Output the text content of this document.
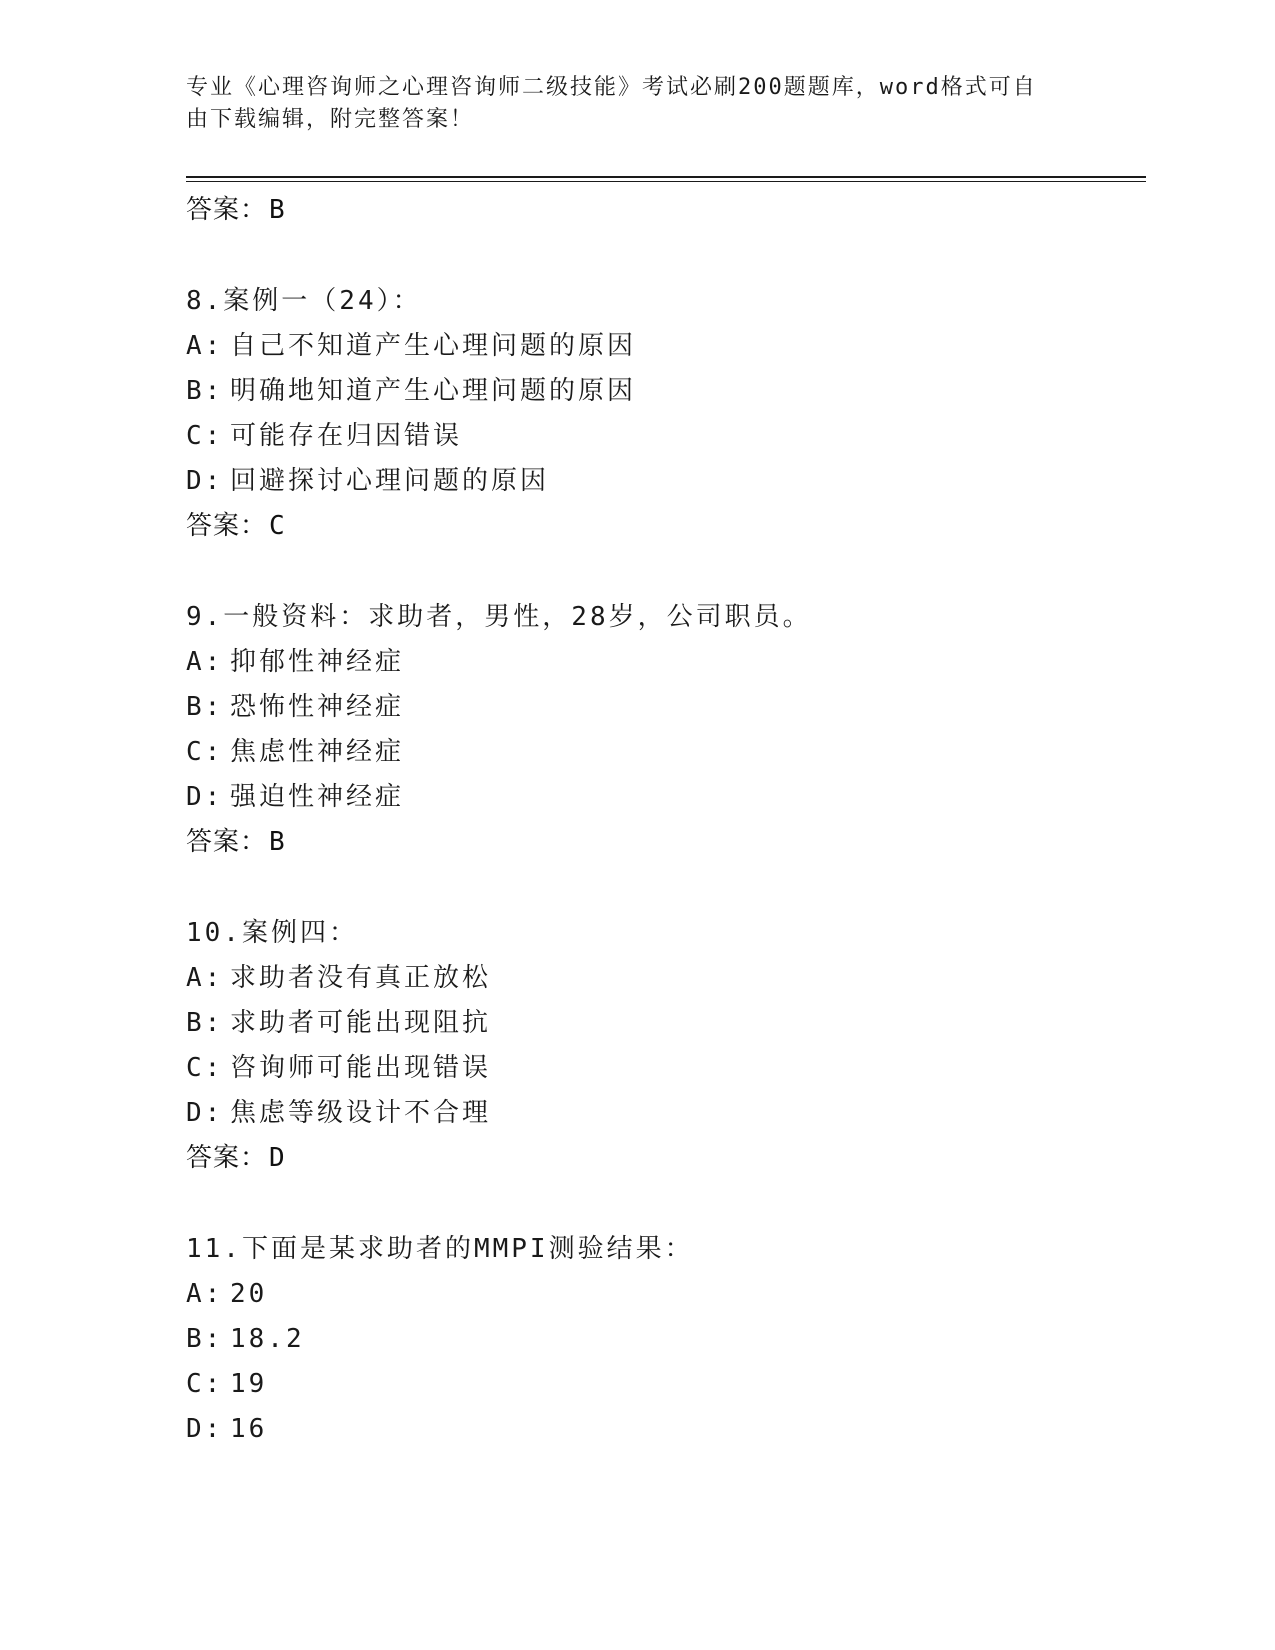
专业《心理咨询师之心理咨询师二级技能》考试必刷200题题库，word格式可自
由下载编辑，附完整答案！
答案：B
8.案例一（24）：
A: 自己不知道产生心理问题的原因
B: 明确地知道产生心理问题的原因
C: 可能存在归因错误
D: 回避探讨心理问题的原因
答案：C
9.一般资料：求助者，男性，28岁，公司职员。
A: 抑郁性神经症
B: 恐怖性神经症
C: 焦虑性神经症
D: 强迫性神经症
答案：B
10.案例四：
A: 求助者没有真正放松
B: 求助者可能出现阻抗
C: 咨询师可能出现错误
D: 焦虑等级设计不合理
答案：D
11.下面是某求助者的MMPI测验结果：
A: 20
B: 18.2
C: 19
D: 16
